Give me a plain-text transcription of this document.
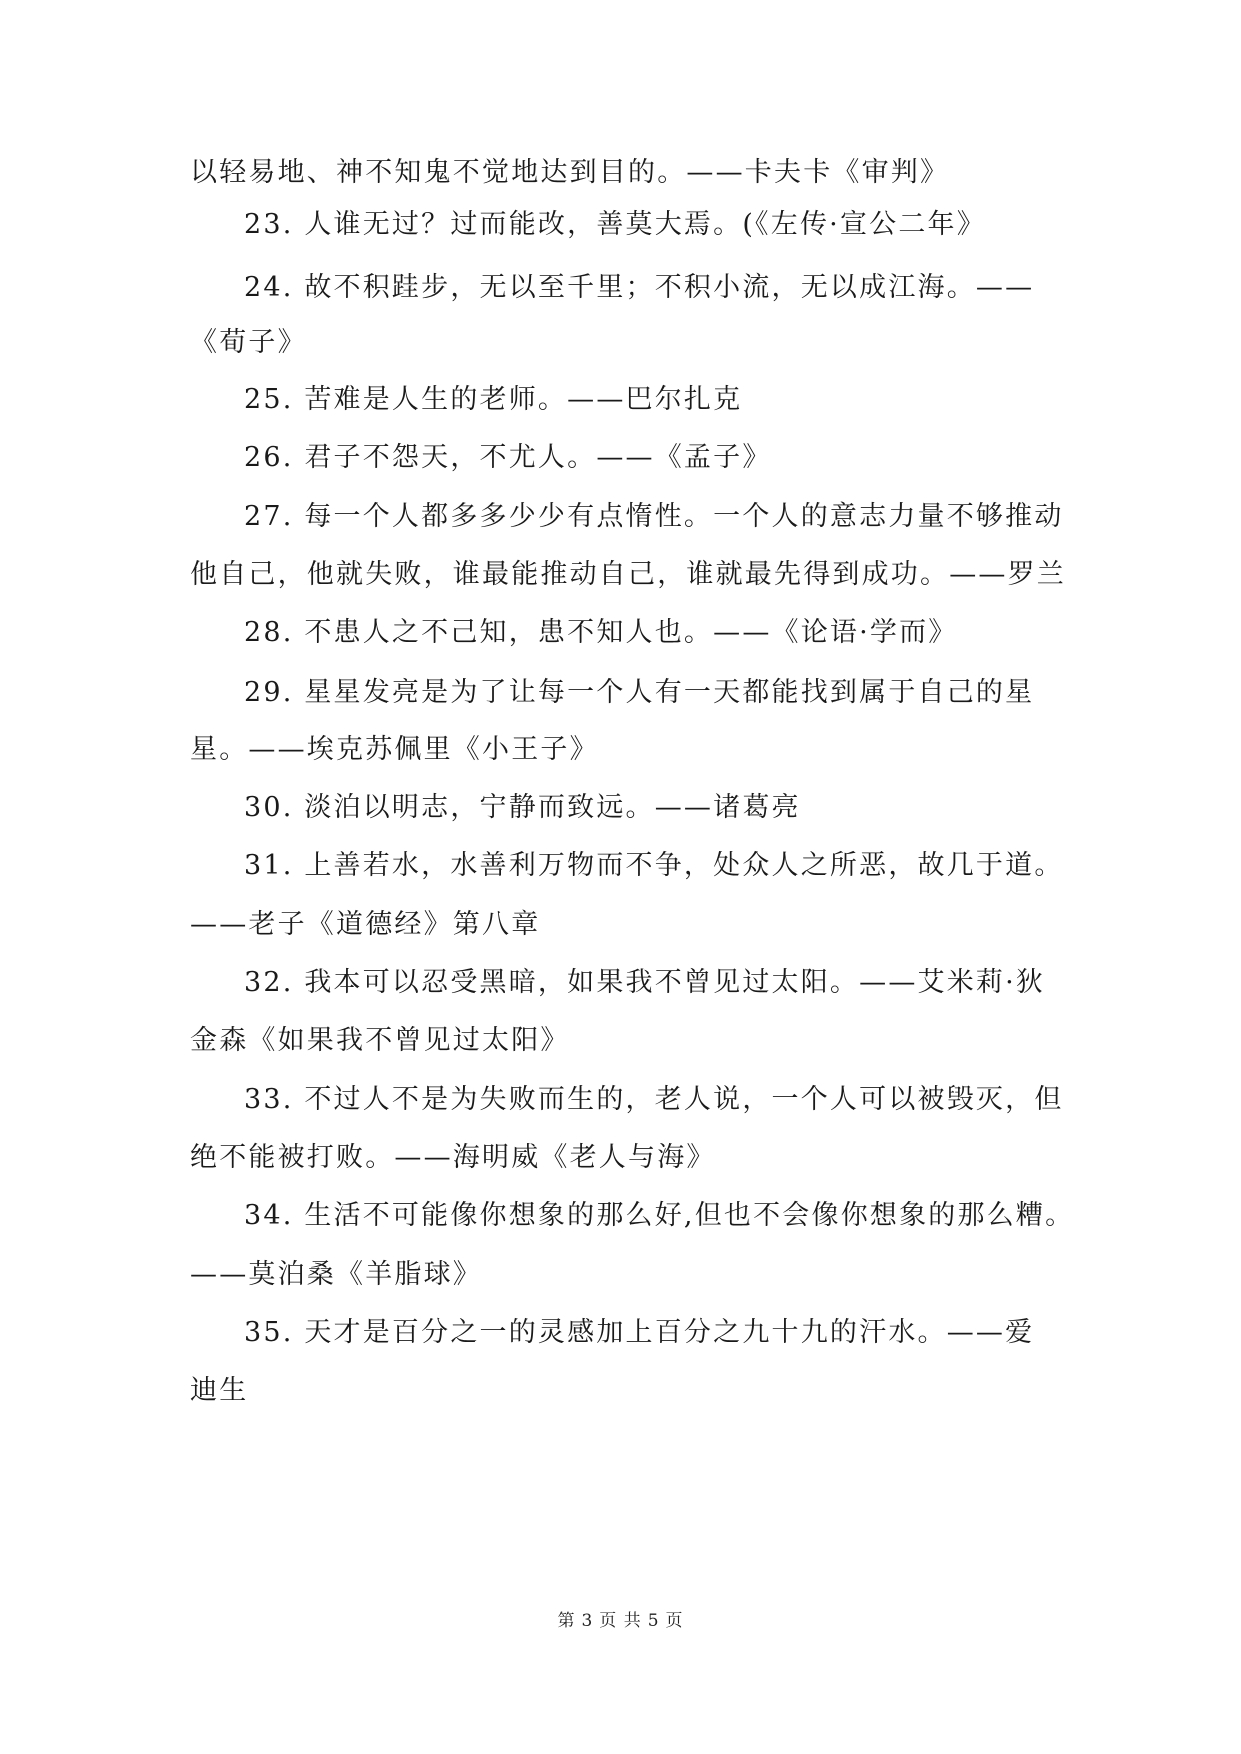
以轻易地、神不知鬼不觉地达到目的。——卡夫卡《审判》
23. 人谁无过？过而能改，善莫大焉。(《左传·宣公二年》
24. 故不积跬步，无以至千里；不积小流，无以成江海。——
《荀子》
25. 苦难是人生的老师。——巴尔扎克
26. 君子不怨天，不尤人。——《孟子》
27. 每一个人都多多少少有点惰性。一个人的意志力量不够推动
他自己，他就失败，谁最能推动自己，谁就最先得到成功。——罗兰
28. 不患人之不己知，患不知人也。——《论语·学而》
29. 星星发亮是为了让每一个人有一天都能找到属于自己的星
星。——埃克苏佩里《小王子》
30. 淡泊以明志，宁静而致远。——诸葛亮
31. 上善若水，水善利万物而不争，处众人之所恶，故几于道。
——老子《道德经》第八章
32. 我本可以忍受黑暗，如果我不曾见过太阳。——艾米莉·狄
金森《如果我不曾见过太阳》
33. 不过人不是为失败而生的，老人说，一个人可以被毁灭，但
绝不能被打败。——海明威《老人与海》
34. 生活不可能像你想象的那么好,但也不会像你想象的那么糟。
——莫泊桑《羊脂球》
35. 天才是百分之一的灵感加上百分之九十九的汗水。——爱
迪生
第 3 页 共 5 页
